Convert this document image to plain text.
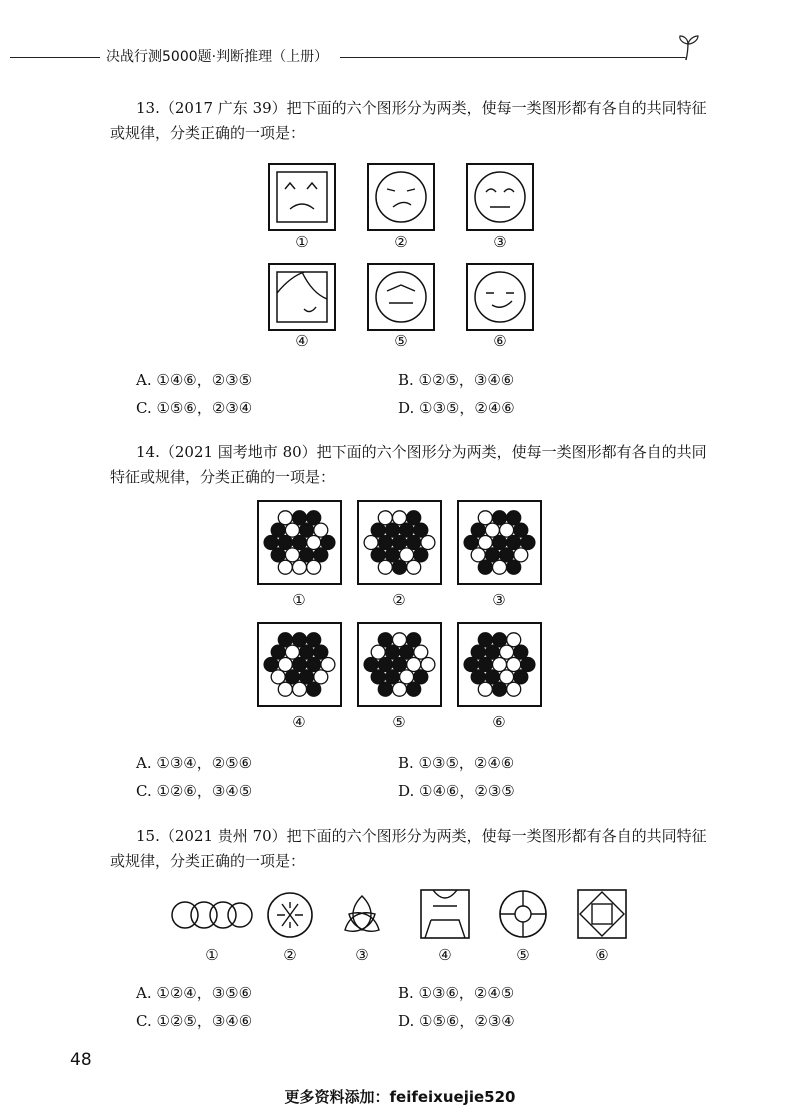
决战行测5000题·判断推理（上册）
13.（2017 广东 39）把下面的六个图形分为两类，使每一类图形都有各自的共同特征或规律，分类正确的一项是：
①	②	③
④	⑤	⑥
A. ①④⑥，②③⑤	B. ①②⑤，③④⑥
C. ①⑤⑥，②③④	D. ①③⑤，②④⑥
14.（2021 国考地市 80）把下面的六个图形分为两类，使每一类图形都有各自的共同特征或规律，分类正确的一项是：
①	②	③
④	⑤	⑥
A. ①③④，②⑤⑥	B. ①③⑤，②④⑥
C. ①②⑥，③④⑤	D. ①④⑥，②③⑤
15.（2021 贵州 70）把下面的六个图形分为两类，使每一类图形都有各自的共同特征或规律，分类正确的一项是：
①	②	③	④	⑤	⑥
A. ①②④，③⑤⑥	B. ①③⑥，②④⑤
C. ①②⑤，③④⑥	D. ①⑤⑥，②③④
48
更多资料添加：feifeixuejie520
